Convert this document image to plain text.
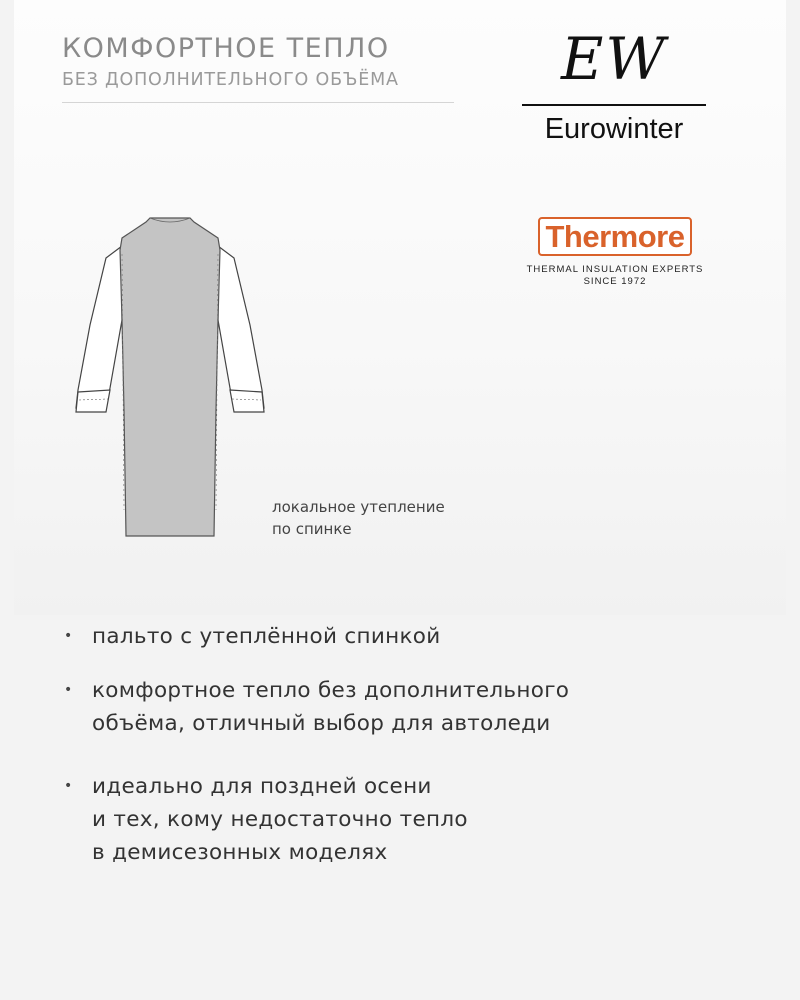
КОМФОРТНОЕ ТЕПЛО
БЕЗ ДОПОЛНИТЕЛЬНОГО ОБЪЁМА	EW
Eurowinter
Thermore
THERMAL INSULATION EXPERTS
SINCE 1972
локальное утепление
по спинке
• пальто с утеплённой спинкой
• комфортное тепло без дополнительного
объёма, отличный выбор для автоледи
• идеально для поздней осени
и тех, кому недостаточно тепло
в демисезонных моделях
